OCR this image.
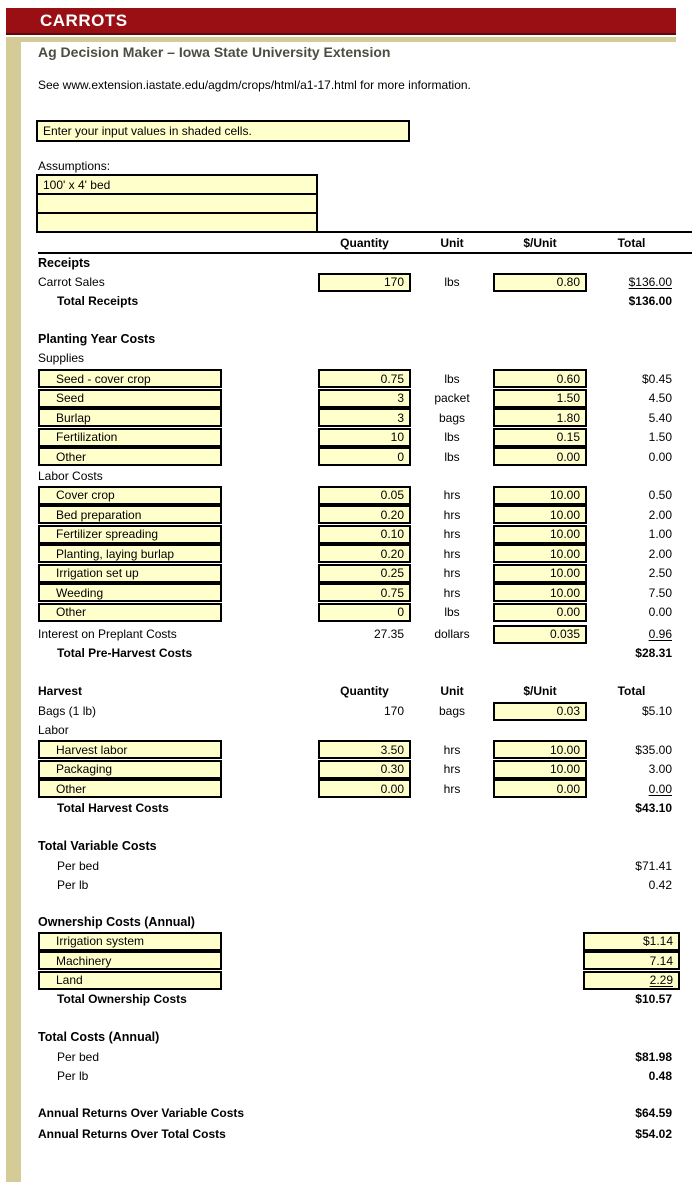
CARROTS
Ag Decision Maker – Iowa State University Extension
See www.extension.iastate.edu/agdm/crops/html/a1-17.html for more information.
Enter your input values in shaded cells.
Assumptions:
100' x 4' bed
Quantity	Unit	$/Unit	Total
Receipts
Carrot Sales	170	lbs	0.80	$136.00
Total Receipts	$136.00
Planting Year Costs
Supplies
Seed - cover crop	0.75	lbs	0.60	$0.45
Seed	3	packet	1.50	4.50
Burlap	3	bags	1.80	5.40
Fertilization	10	lbs	0.15	1.50
Other	0	lbs	0.00	0.00
Labor Costs
Cover crop	0.05	hrs	10.00	0.50
Bed preparation	0.20	hrs	10.00	2.00
Fertilizer spreading	0.10	hrs	10.00	1.00
Planting, laying burlap	0.20	hrs	10.00	2.00
Irrigation set up	0.25	hrs	10.00	2.50
Weeding	0.75	hrs	10.00	7.50
Other	0	lbs	0.00	0.00
Interest on Preplant Costs	27.35	dollars	0.035	0.96
Total Pre-Harvest Costs	$28.31
Harvest	Quantity	Unit	$/Unit	Total
Bags (1 lb)	170	bags	0.03	$5.10
Labor
Harvest labor	3.50	hrs	10.00	$35.00
Packaging	0.30	hrs	10.00	3.00
Other	0.00	hrs	0.00	0.00
Total Harvest Costs	$43.10
Total Variable Costs
Per bed	$71.41
Per lb	0.42
Ownership Costs (Annual)
Irrigation system	$1.14
Machinery	7.14
Land	2.29
Total Ownership Costs	$10.57
Total Costs (Annual)
Per bed	$81.98
Per lb	0.48
Annual Returns Over Variable Costs	$64.59
Annual Returns Over Total Costs	$54.02
